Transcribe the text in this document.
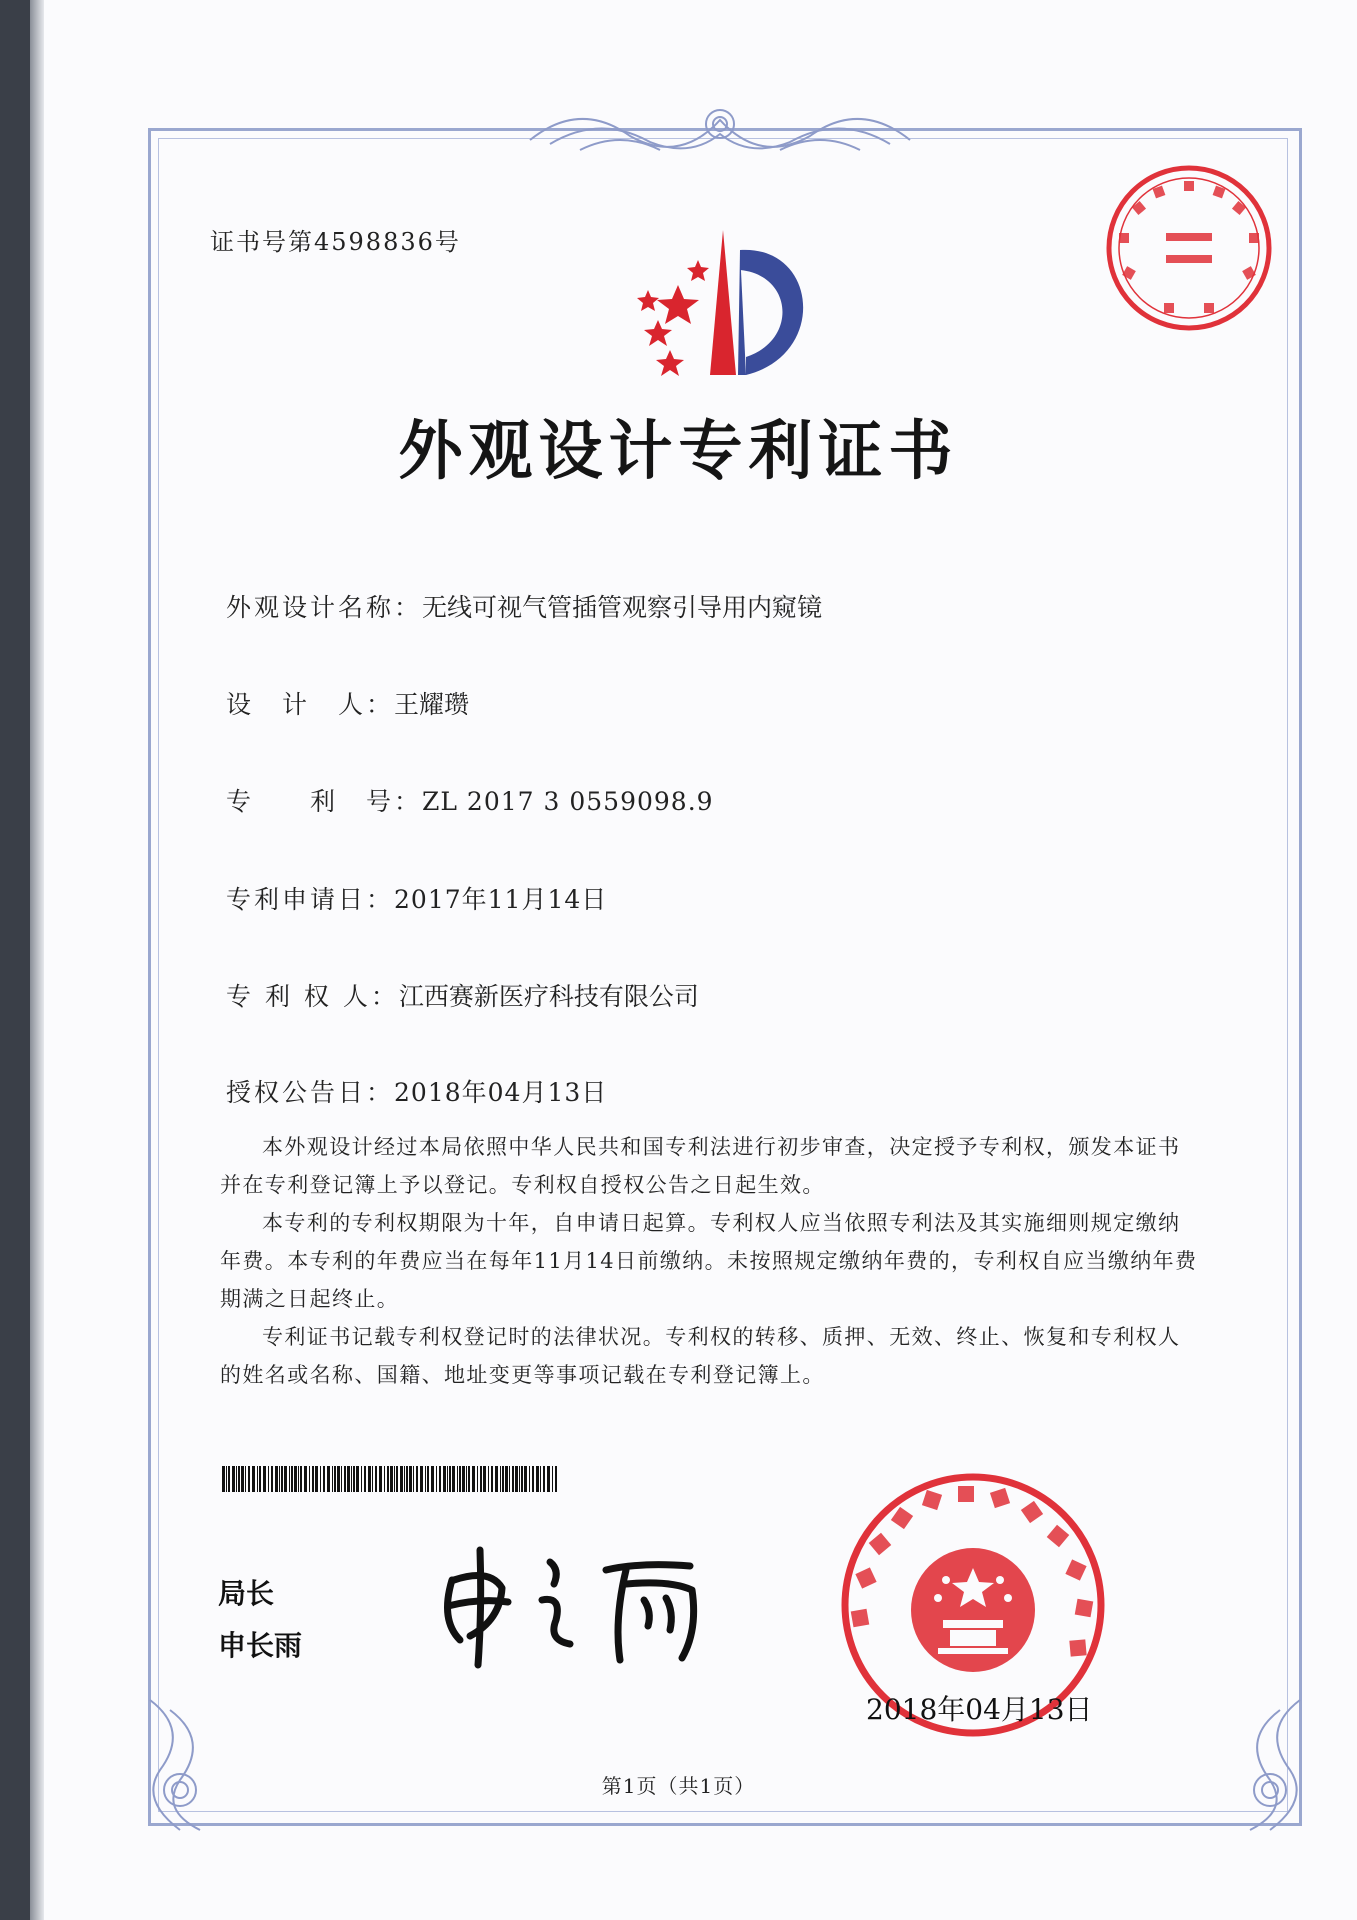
证书号第4598836号
外观设计专利证书
外观设计名称：无线可视气管插管观察引导用内窥镜
设　计　人：王耀瓒
专　　利　号：ZL 2017 3 0559098.9
专利申请日：2017年11月14日
专 利 权 人：江西赛新医疗科技有限公司
授权公告日：2018年04月13日

本外观设计经过本局依照中华人民共和国专利法进行初步审查，决定授予专利权，颁发本证书并在专利登记簿上予以登记。专利权自授权公告之日起生效。

本专利的专利权期限为十年，自申请日起算。专利权人应当依照专利法及其实施细则规定缴纳年费。本专利的年费应当在每年11月14日前缴纳。未按照规定缴纳年费的，专利权自应当缴纳年费期满之日起终止。

专利证书记载专利权登记时的法律状况。专利权的转移、质押、无效、终止、恢复和专利权人的姓名或名称、国籍、地址变更等事项记载在专利登记簿上。

局长
申长雨
2018年04月13日
第1页（共1页）
